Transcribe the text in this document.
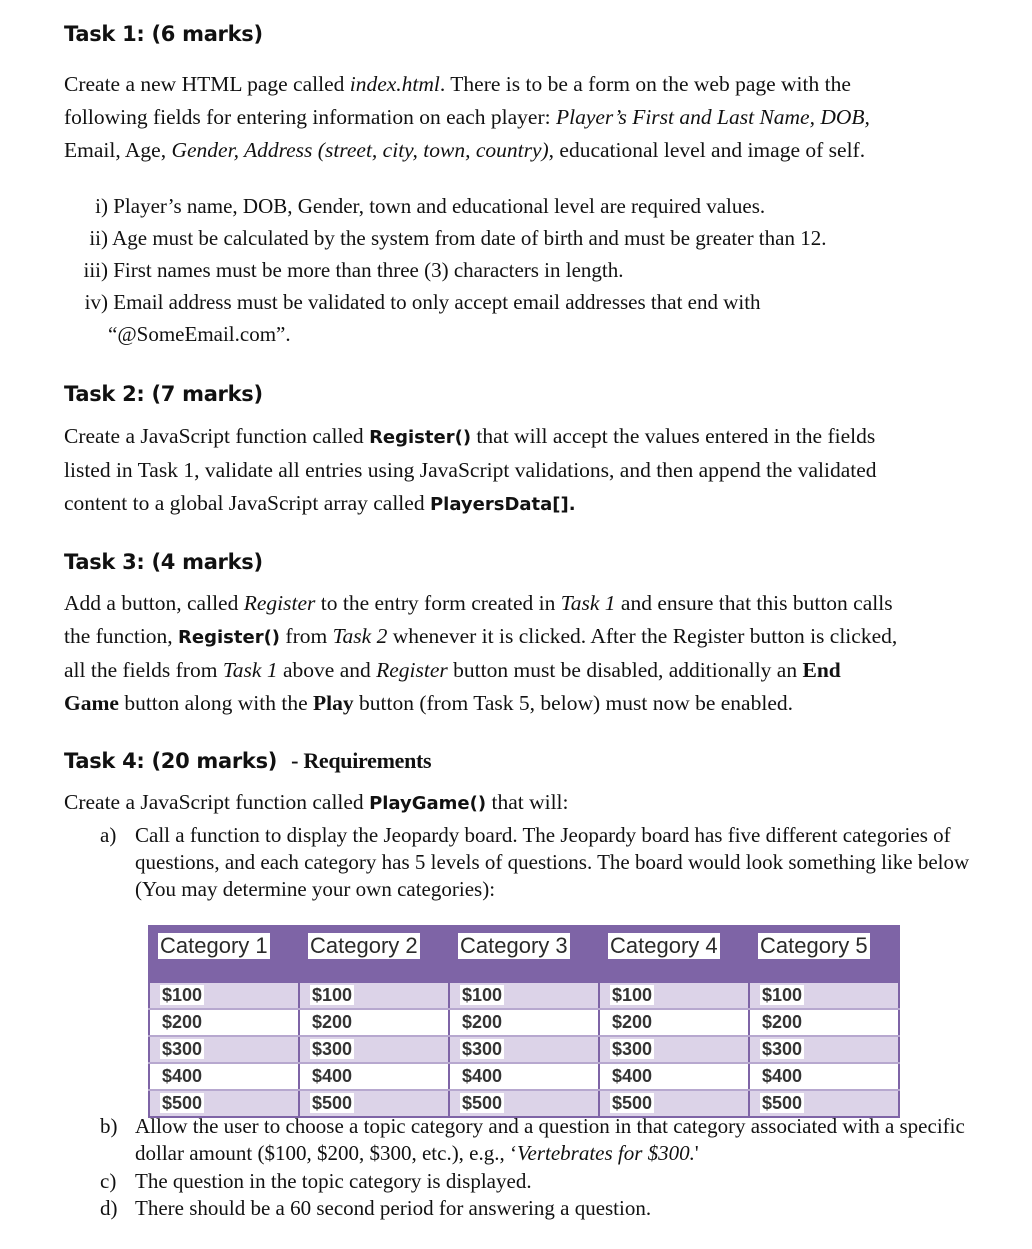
Task 1: (6 marks)
Create a new HTML page called index.html. There is to be a form on the web page with the
following fields for entering information on each player: Player’s First and Last Name, DOB,
Email, Age, Gender, Address (street, city, town, country), educational level and image of self.
i) Player’s name, DOB, Gender, town and educational level are required values.
ii) Age must be calculated by the system from date of birth and must be greater than 12.
iii) First names must be more than three (3) characters in length.
iv) Email address must be validated to only accept email addresses that end with
“@SomeEmail.com”.
Task 2: (7 marks)
Create a JavaScript function called Register() that will accept the values entered in the fields
listed in Task 1, validate all entries using JavaScript validations, and then append the validated
content to a global JavaScript array called PlayersData[].
Task 3: (4 marks)
Add a button, called Register to the entry form created in Task 1 and ensure that this button calls
the function, Register() from Task 2 whenever it is clicked. After the Register button is clicked,
all the fields from Task 1 above and Register button must be disabled, additionally an End
Game button along with the Play button (from Task 5, below) must now be enabled.
Task 4: (20 marks) - Requirements
Create a JavaScript function called PlayGame() that will:
a) Call a function to display the Jeopardy board. The Jeopardy board has five different categories of questions, and each category has 5 levels of questions. The board would look something like below (You may determine your own categories):
Category 1	Category 2	Category 3	Category 4	Category 5
$100	$100	$100	$100	$100
$200	$200	$200	$200	$200
$300	$300	$300	$300	$300
$400	$400	$400	$400	$400
$500	$500	$500	$500	$500
b) Allow the user to choose a topic category and a question in that category associated with a specific dollar amount ($100, $200, $300, etc.), e.g., ‘Vertebrates for $300.'
c) The question in the topic category is displayed.
d) There should be a 60 second period for answering a question.
